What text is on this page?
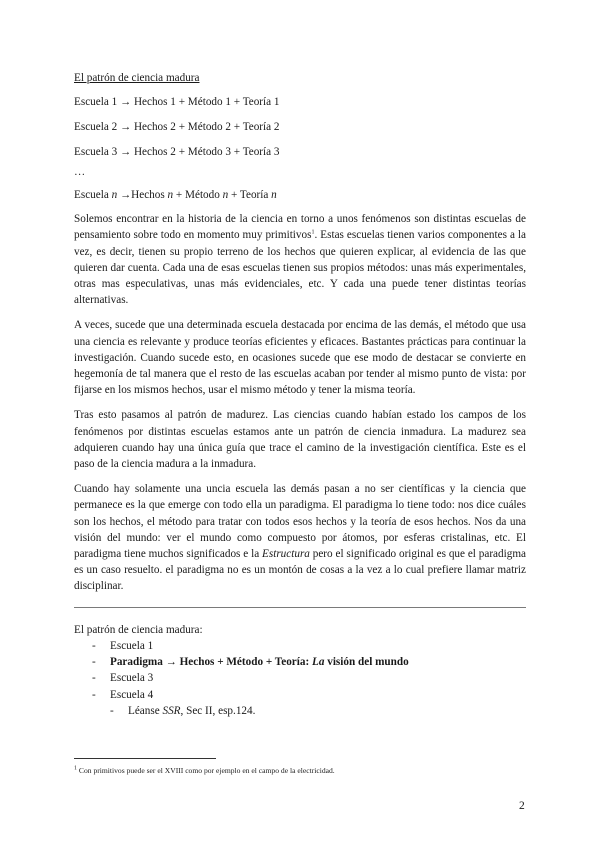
El patrón de ciencia madura
Escuela 1 → Hechos 1 + Método 1 + Teoría 1
Escuela 2 → Hechos 2 + Método 2 + Teoría 2
Escuela 3 → Hechos 2 + Método 3 + Teoría 3
…
Escuela n →Hechos n + Método n + Teoría n

Solemos encontrar en la historia de la ciencia en torno a unos fenómenos son distintas escuelas de pensamiento sobre todo en momento muy primitivos$^1$. Estas escuelas tienen varios componentes a la vez, es decir, tienen su propio terreno de los hechos que quieren explicar, al evidencia de las que quieren dar cuenta. Cada una de esas escuelas tienen sus propios métodos: unas más experimentales, otras mas especulativas, unas más evidenciales, etc. Y cada una puede tener distintas teorías alternativas.

A veces, sucede que una determinada escuela destacada por encima de las demás, el método que usa una ciencia es relevante y produce teorías eficientes y eficaces. Bastantes prácticas para continuar la investigación. Cuando sucede esto, en ocasiones sucede que ese modo de destacar se convierte en hegemonía de tal manera que el resto de las escuelas acaban por tender al mismo punto de vista: por fijarse en los mismos hechos, usar el mismo método y tener la misma teoría.

Tras esto pasamos al patrón de madurez. Las ciencias cuando habían estado los campos de los fenómenos por distintas escuelas estamos ante un patrón de ciencia inmadura. La madurez sea adquieren cuando hay una única guía que trace el camino de la investigación científica. Este es el paso de la ciencia madura a la inmadura.

Cuando hay solamente una uncia escuela las demás pasan a no ser científicas y la ciencia que permanece es la que emerge con todo ella un paradigma. El paradigma lo tiene todo: nos dice cuáles son los hechos, el método para tratar con todos esos hechos y la teoría de esos hechos. Nos da una visión del mundo: ver el mundo como compuesto por átomos, por esferas cristalinas, etc. El paradigma tiene muchos significados e la Estructura pero el significado original es que el paradigma es un caso resuelto. el paradigma no es un montón de cosas a la vez a lo cual prefiere llamar matriz disciplinar.

El patrón de ciencia madura:
- Escuela 1
- Paradigma → Hechos + Método + Teoría: La visión del mundo
- Escuela 3
- Escuela 4
- Léanse SSR, Sec II, esp.124.
$^1$ Con primitivos puede ser el XVIII como por ejemplo en el campo de la electricidad.
2
